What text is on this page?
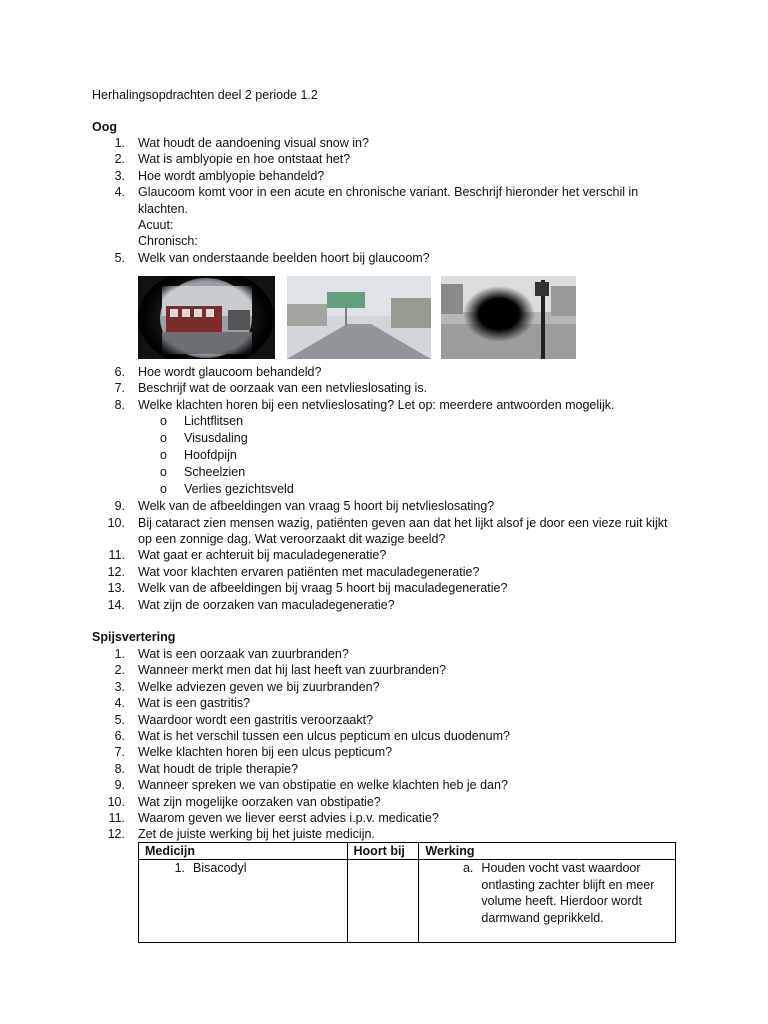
Herhalingsopdrachten deel 2 periode 1.2
Oog
1. Wat houdt de aandoening visual snow in?
2. Wat is amblyopie en hoe ontstaat het?
3. Hoe wordt amblyopie behandeld?
4. Glaucoom komt voor in een acute en chronische variant. Beschrijf hieronder het verschil in klachten.
Acuut:
Chronisch:
5. Welk van onderstaande beelden hoort bij glaucoom?
6. Hoe wordt glaucoom behandeld?
7. Beschrijf wat de oorzaak van een netvlieslosating is.
8. Welke klachten horen bij een netvlieslosating? Let op: meerdere antwoorden mogelijk.
o Lichtflitsen
o Visusdaling
o Hoofdpijn
o Scheelzien
o Verlies gezichtsveld
9. Welk van de afbeeldingen van vraag 5 hoort bij netvlieslosating?
10. Bij cataract zien mensen wazig, patiënten geven aan dat het lijkt alsof je door een vieze ruit kijkt op een zonnige dag. Wat veroorzaakt dit wazige beeld?
11. Wat gaat er achteruit bij maculadegeneratie?
12. Wat voor klachten ervaren patiënten met maculadegeneratie?
13. Welk van de afbeeldingen bij vraag 5 hoort bij maculadegeneratie?
14. Wat zijn de oorzaken van maculadegeneratie?
Spijsvertering
1. Wat is een oorzaak van zuurbranden?
2. Wanneer merkt men dat hij last heeft van zuurbranden?
3. Welke adviezen geven we bij zuurbranden?
4. Wat is een gastritis?
5. Waardoor wordt een gastritis veroorzaakt?
6. Wat is het verschil tussen een ulcus pepticum en ulcus duodenum?
7. Welke klachten horen bij een ulcus pepticum?
8. Wat houdt de triple therapie?
9. Wanneer spreken we van obstipatie en welke klachten heb je dan?
10. Wat zijn mogelijke oorzaken van obstipatie?
11. Waarom geven we liever eerst advies i.p.v. medicatie?
12. Zet de juiste werking bij het juiste medicijn.
Medicijn	Hoort bij	Werking
1. Bisacodyl		a. Houden vocht vast waardoor ontlasting zachter blijft en meer volume heeft. Hierdoor wordt darmwand geprikkeld.
